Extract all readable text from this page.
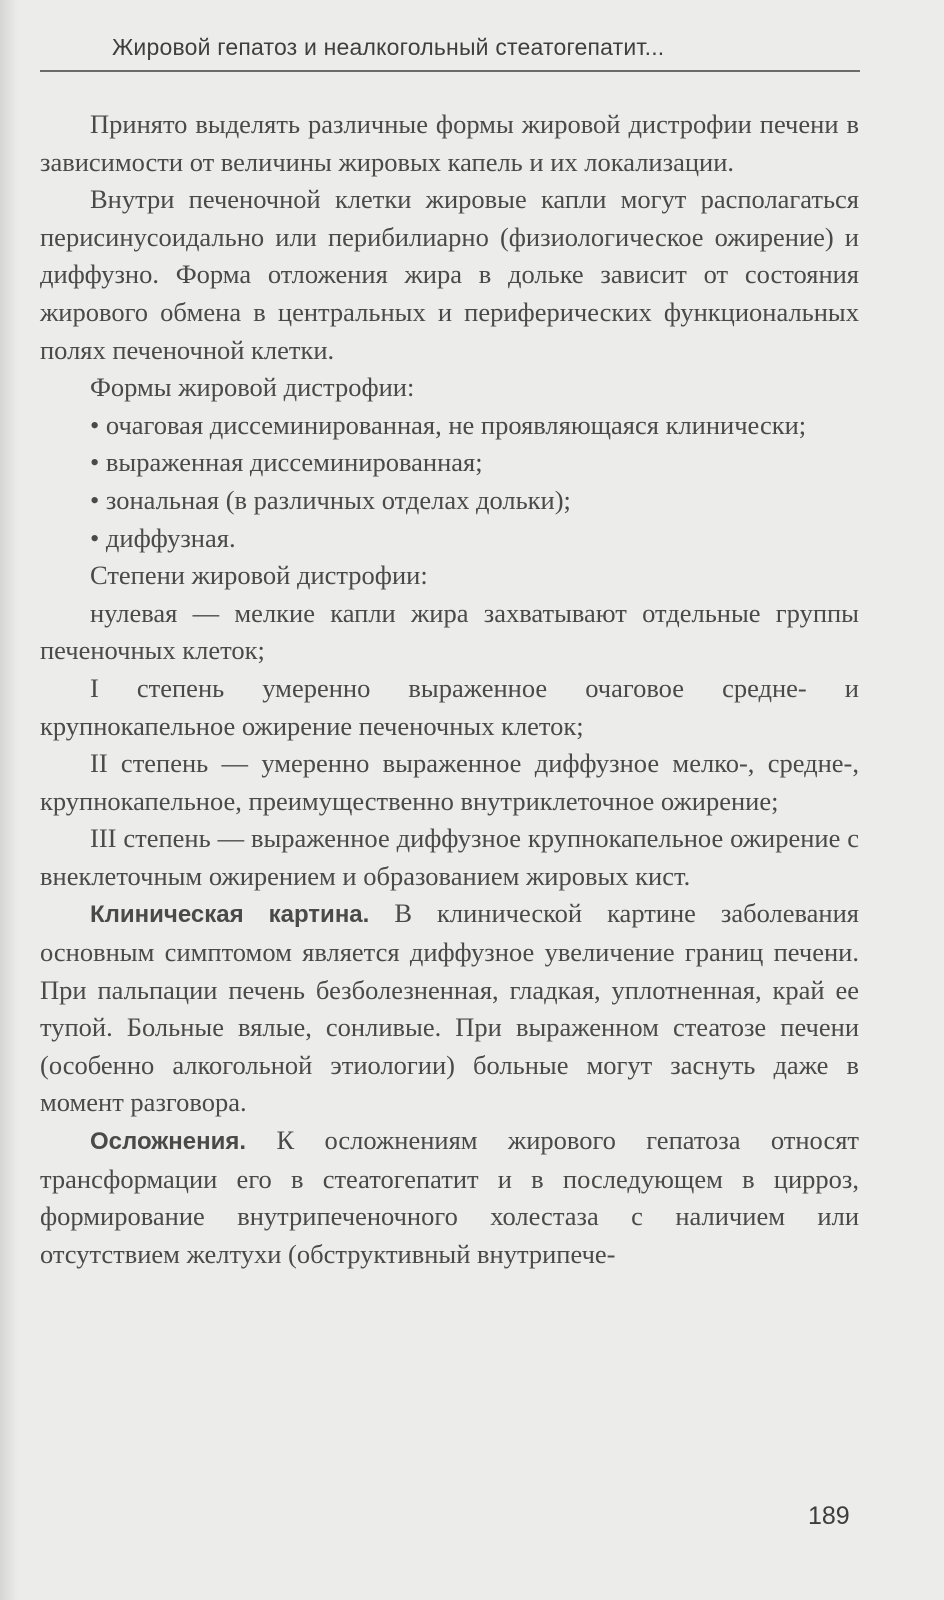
Жировой гепатоз и неалкогольный стеатогепатит...

Принято выделять различные формы жировой дистрофии печени в зависимости от величины жировых капель и их локализации.

Внутри печеночной клетки жировые капли могут располагаться перисинусоидально или перибилиарно (физиологическое ожирение) и диффузно. Форма отложения жира в дольке зависит от состояния жирового обмена в центральных и периферических функциональных полях печеночной клетки.

Формы жировой дистрофии:

• очаговая диссеминированная, не проявляющаяся клинически;

• выраженная диссеминированная;

• зональная (в различных отделах дольки);

• диффузная.

Степени жировой дистрофии:

нулевая — мелкие капли жира захватывают отдельные группы печеночных клеток;

I степень умеренно выраженное очаговое средне- и крупнокапельное ожирение печеночных клеток;

II степень — умеренно выраженное диффузное мелко-, средне-, крупнокапельное, преимущественно внутриклеточное ожирение;

III степень — выраженное диффузное крупнокапельное ожирение с внеклеточным ожирением и образованием жировых кист.

Клиническая картина. В клинической картине заболевания основным симптомом является диффузное увеличение границ печени. При пальпации печень безболезненная, гладкая, уплотненная, край ее тупой. Больные вялые, сонливые. При выраженном стеатозе печени (особенно алкогольной этиологии) больные могут заснуть даже в момент разговора.

Осложнения. К осложнениям жирового гепатоза относят трансформации его в стеатогепатит и в последующем в цирроз, формирование внутрипеченочного холестаза с наличием или отсутствием желтухи (обструктивный внутрипече-

189
